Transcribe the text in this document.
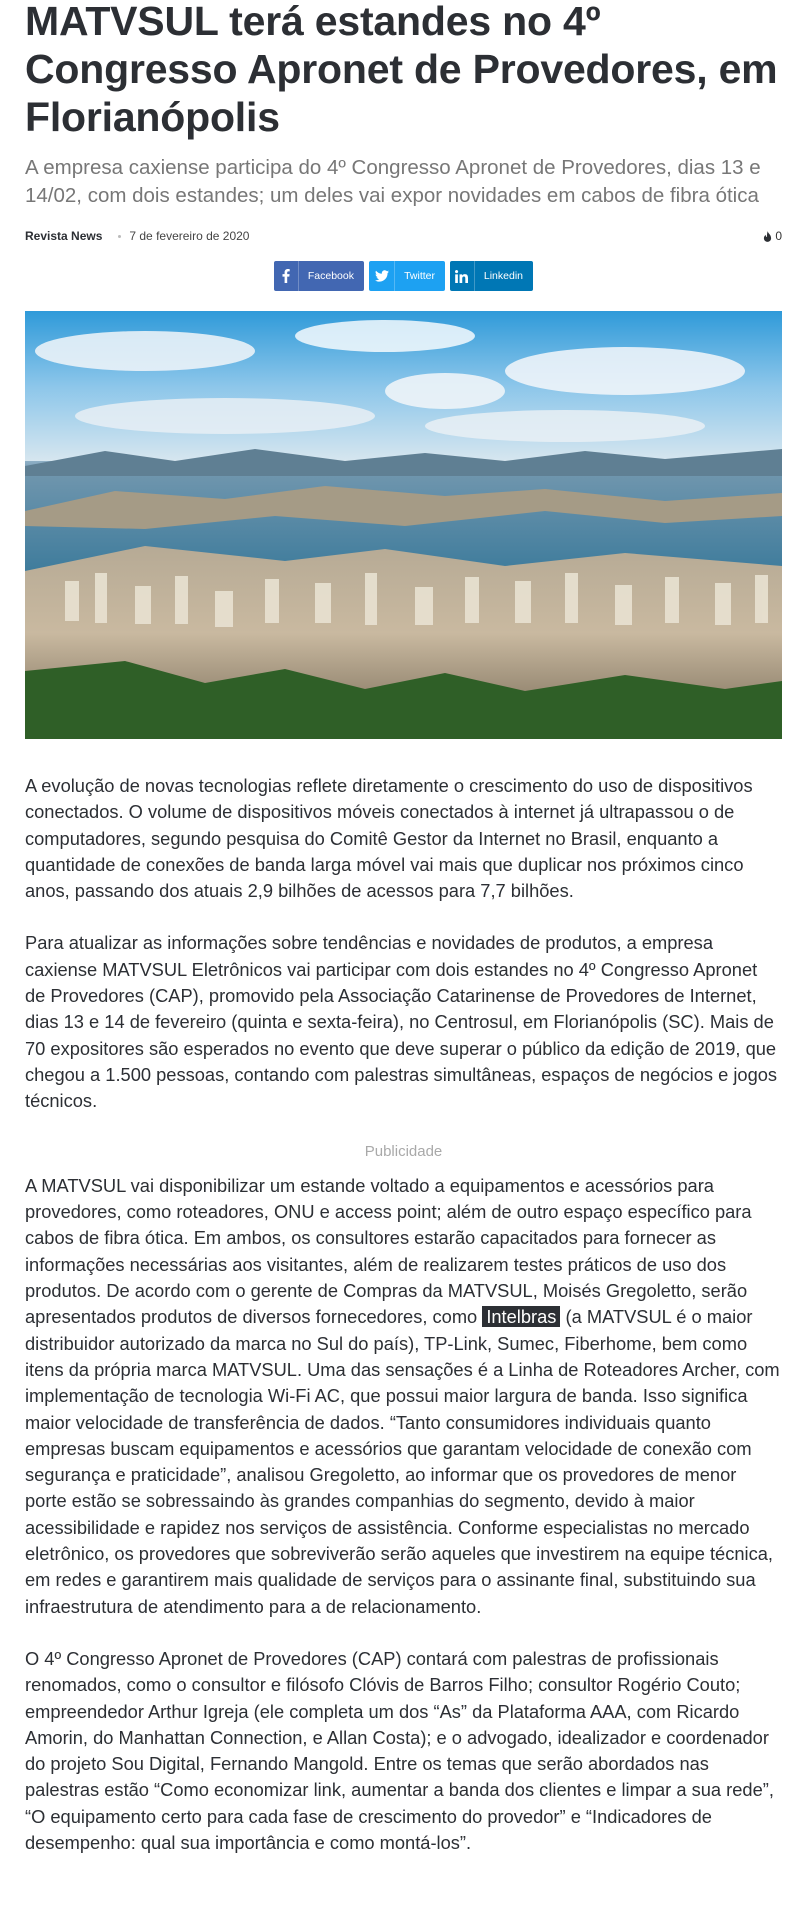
MATVSUL terá estandes no 4º Congresso Apronet de Provedores, em Florianópolis
A empresa caxiense participa do 4º Congresso Apronet de Provedores, dias 13 e 14/02, com dois estandes; um deles vai expor novidades em cabos de fibra ótica
Revista News 7 de fevereiro de 2020	0
Facebook	Twitter	Linkedin

A evolução de novas tecnologias reflete diretamente o crescimento do uso de dispositivos conectados. O volume de dispositivos móveis conectados à internet já ultrapassou o de computadores, segundo pesquisa do Comitê Gestor da Internet no Brasil, enquanto a quantidade de conexões de banda larga móvel vai mais que duplicar nos próximos cinco anos, passando dos atuais 2,9 bilhões de acessos para 7,7 bilhões.

Para atualizar as informações sobre tendências e novidades de produtos, a empresa caxiense MATVSUL Eletrônicos vai participar com dois estandes no 4º Congresso Apronet de Provedores (CAP), promovido pela Associação Catarinense de Provedores de Internet, dias 13 e 14 de fevereiro (quinta e sexta-feira), no Centrosul, em Florianópolis (SC). Mais de 70 expositores são esperados no evento que deve superar o público da edição de 2019, que chegou a 1.500 pessoas, contando com palestras simultâneas, espaços de negócios e jogos técnicos.

Publicidade

A MATVSUL vai disponibilizar um estande voltado a equipamentos e acessórios para provedores, como roteadores, ONU e access point; além de outro espaço específico para cabos de fibra ótica. Em ambos, os consultores estarão capacitados para fornecer as informações necessárias aos visitantes, além de realizarem testes práticos de uso dos produtos. De acordo com o gerente de Compras da MATVSUL, Moisés Gregoletto, serão apresentados produtos de diversos fornecedores, como Intelbras (a MATVSUL é o maior distribuidor autorizado da marca no Sul do país), TP-Link, Sumec, Fiberhome, bem como itens da própria marca MATVSUL. Uma das sensações é a Linha de Roteadores Archer, com implementação de tecnologia Wi-Fi AC, que possui maior largura de banda. Isso significa maior velocidade de transferência de dados. “Tanto consumidores individuais quanto empresas buscam equipamentos e acessórios que garantam velocidade de conexão com segurança e praticidade”, analisou Gregoletto, ao informar que os provedores de menor porte estão se sobressaindo às grandes companhias do segmento, devido à maior acessibilidade e rapidez nos serviços de assistência. Conforme especialistas no mercado eletrônico, os provedores que sobreviverão serão aqueles que investirem na equipe técnica, em redes e garantirem mais qualidade de serviços para o assinante final, substituindo sua infraestrutura de atendimento para a de relacionamento.

O 4º Congresso Apronet de Provedores (CAP) contará com palestras de profissionais renomados, como o consultor e filósofo Clóvis de Barros Filho; consultor Rogério Couto; empreendedor Arthur Igreja (ele completa um dos “As” da Plataforma AAA, com Ricardo Amorin, do Manhattan Connection, e Allan Costa); e o advogado, idealizador e coordenador do projeto Sou Digital, Fernando Mangold. Entre os temas que serão abordados nas palestras estão “Como economizar link, aumentar a banda dos clientes e limpar a sua rede”, “O equipamento certo para cada fase de crescimento do provedor” e “Indicadores de desempenho: qual sua importância e como montá-los”.
